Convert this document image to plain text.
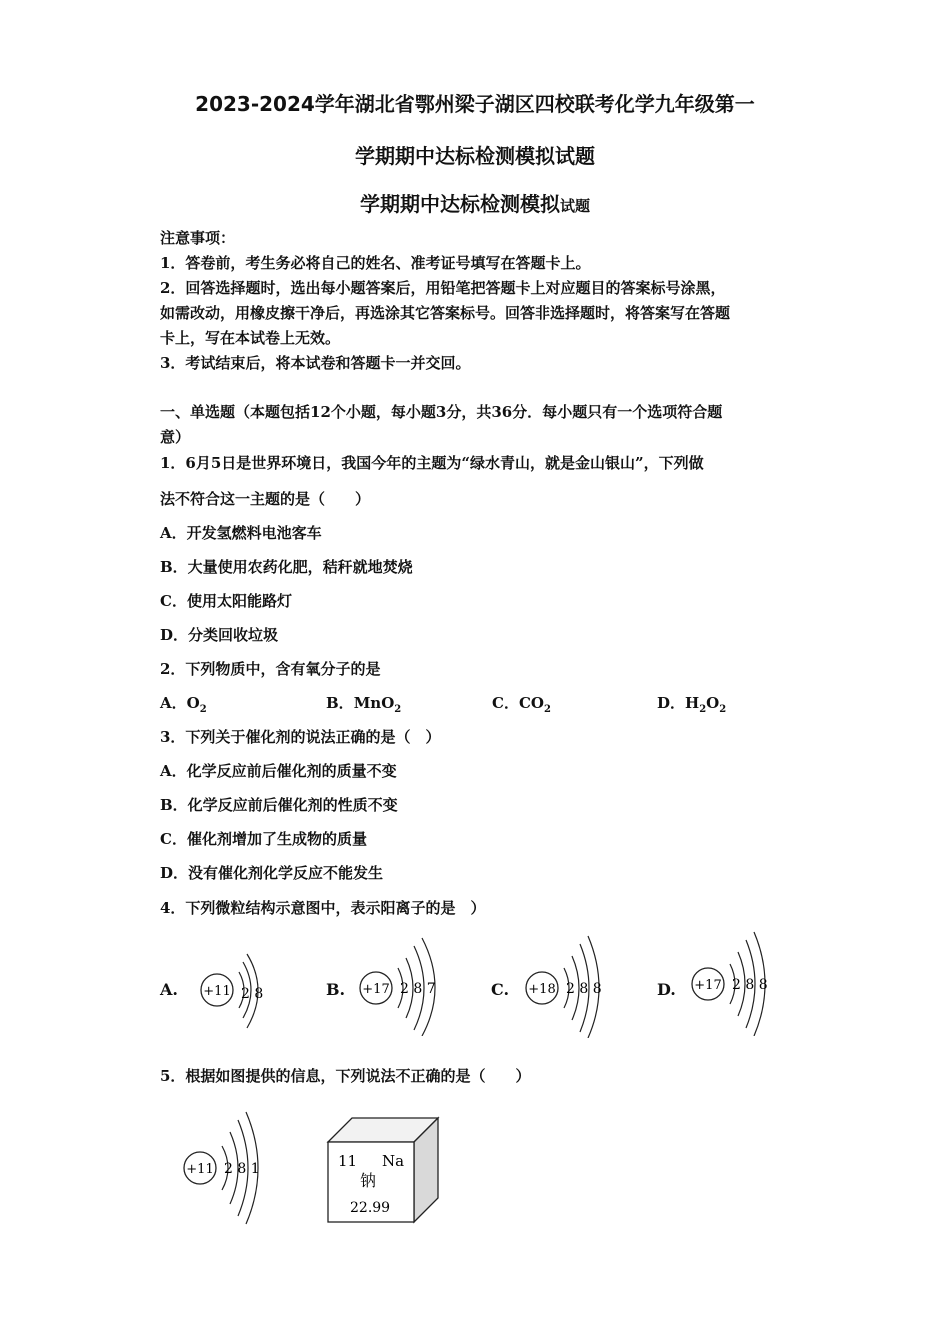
2023-2024学年湖北省鄂州梁子湖区四校联考化学九年级第一
学期期中达标检测模拟试题
学期期中达标检测模拟试题
注意事项：
1．答卷前，考生务必将自己的姓名、准考证号填写在答题卡上。
2．回答选择题时，选出每小题答案后，用铅笔把答题卡上对应题目的答案标号涂黑，
如需改动，用橡皮擦干净后，再选涂其它答案标号。回答非选择题时，将答案写在答题
卡上，写在本试卷上无效。
3．考试结束后，将本试卷和答题卡一并交回。
一、单选题（本题包括12个小题，每小题3分，共36分．每小题只有一个选项符合题
意）
1．6月5日是世界环境日，我国今年的主题为“绿水青山，就是金山银山”，下列做
法不符合这一主题的是（　　）
A．开发氢燃料电池客车
B．大量使用农药化肥，秸秆就地焚烧
C．使用太阳能路灯
D．分类回收垃圾
2．下列物质中，含有氧分子的是
A．$O_2$	B．MnO$_2$	C．$CO_2$	D．$H_2O_2$
3．下列关于催化剂的说法正确的是（　）
A．化学反应前后催化剂的质量不变
B．化学反应前后催化剂的性质不变
C．催化剂增加了生成物的质量
D．没有催化剂化学反应不能发生
4．下列微粒结构示意图中，表示阳离子的是　）
A. +11 2 8	B. +17 2 8 7	C. +18 2 8 8	D. +17 2 8 8
5．根据如图提供的信息，下列说法不正确的是（　　）
+11 2 8 1	11 Na
钠
22.99
